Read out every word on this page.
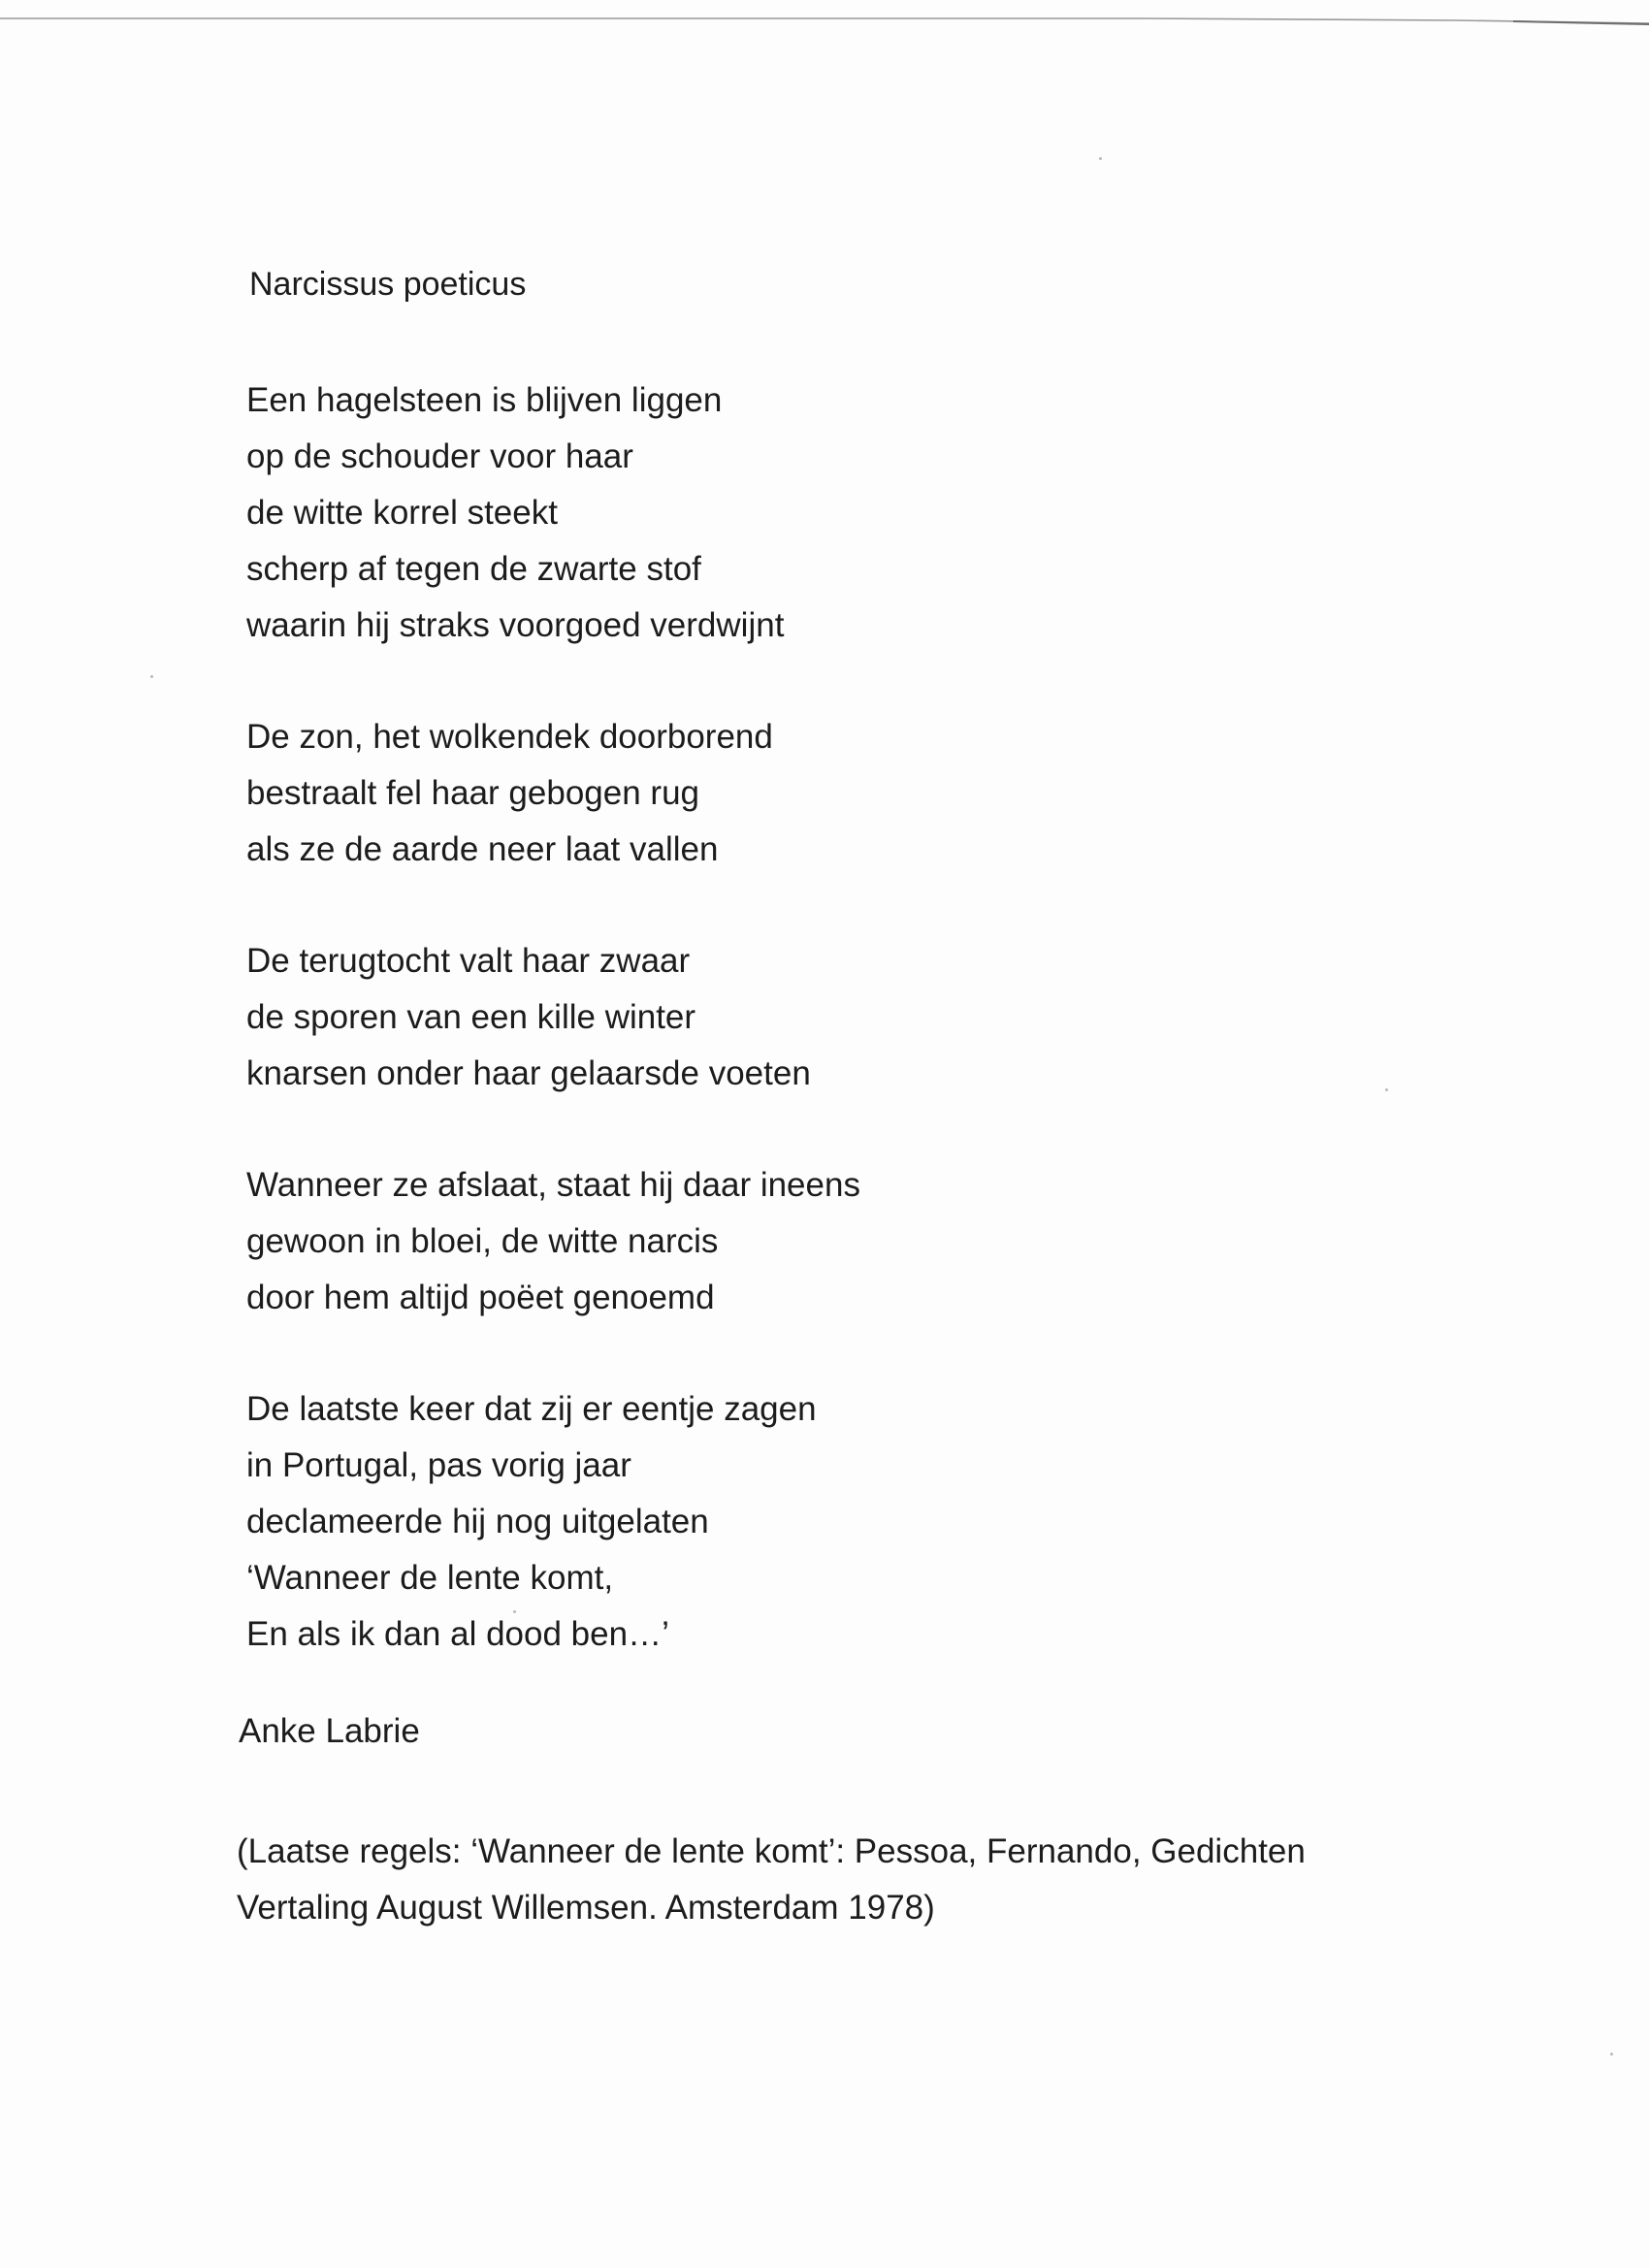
Narcissus poeticus
Een hagelsteen is blijven liggen
op de schouder voor haar
de witte korrel steekt
scherp af tegen de zwarte stof
waarin hij straks voorgoed verdwijnt
De zon, het wolkendek doorborend
bestraalt fel haar gebogen rug
als ze de aarde neer laat vallen
De terugtocht valt haar zwaar
de sporen van een kille winter
knarsen onder haar gelaarsde voeten
Wanneer ze afslaat, staat hij daar ineens
gewoon in bloei, de witte narcis
door hem altijd poëet genoemd
De laatste keer dat zij er eentje zagen
in Portugal, pas vorig jaar
declameerde hij nog uitgelaten
‘Wanneer de lente komt,
En als ik dan al dood ben…’
Anke Labrie
(Laatse regels: ‘Wanneer de lente komt’: Pessoa, Fernando, Gedichten
Vertaling August Willemsen. Amsterdam 1978)
